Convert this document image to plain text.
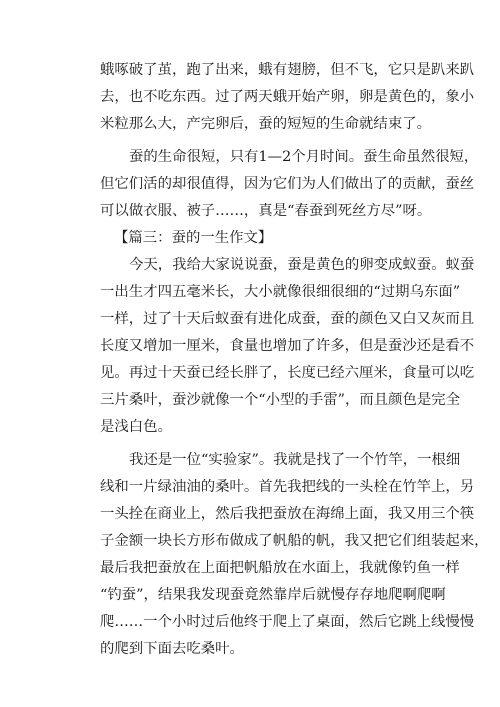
蛾啄破了茧，跑了出来，蛾有翅膀，但不飞，它只是趴来趴
去，也不吃东西。过了两天蛾开始产卵，卵是黄色的，象小
米粒那么大，产完卵后，蚕的短短的生命就结束了。
蚕的生命很短，只有1—2个月时间。蚕生命虽然很短，
但它们活的却很值得，因为它们为人们做出了的贡献，蚕丝
可以做衣服、被子……，真是“春蚕到死丝方尽”呀。
【篇三：蚕的一生作文】
今天，我给大家说说蚕，蚕是黄色的卵变成蚁蚕。蚁蚕
一出生才四五毫米长，大小就像很细很细的“过期乌东面”
一样，过了十天后蚁蚕有进化成蚕，蚕的颜色又白又灰而且
长度又增加一厘米，食量也增加了许多，但是蚕沙还是看不
见。再过十天蚕已经长胖了，长度已经六厘米，食量可以吃
三片桑叶，蚕沙就像一个“小型的手雷”，而且颜色是完全
是浅白色。
我还是一位“实验家”。我就是找了一个竹竿，一根细
线和一片绿油油的桑叶。首先我把线的一头栓在竹竿上，另
一头拴在商业上，然后我把蚕放在海绵上面，我又用三个筷
子金额一块长方形布做成了帆船的帆，我又把它们组装起来，
最后我把蚕放在上面把帆船放在水面上，我就像钓鱼一样
“钓蚕”，结果我发现蚕竟然靠岸后就慢存存地爬啊爬啊
爬……一个小时过后他终于爬上了桌面，然后它跳上线慢慢
的爬到下面去吃桑叶。
